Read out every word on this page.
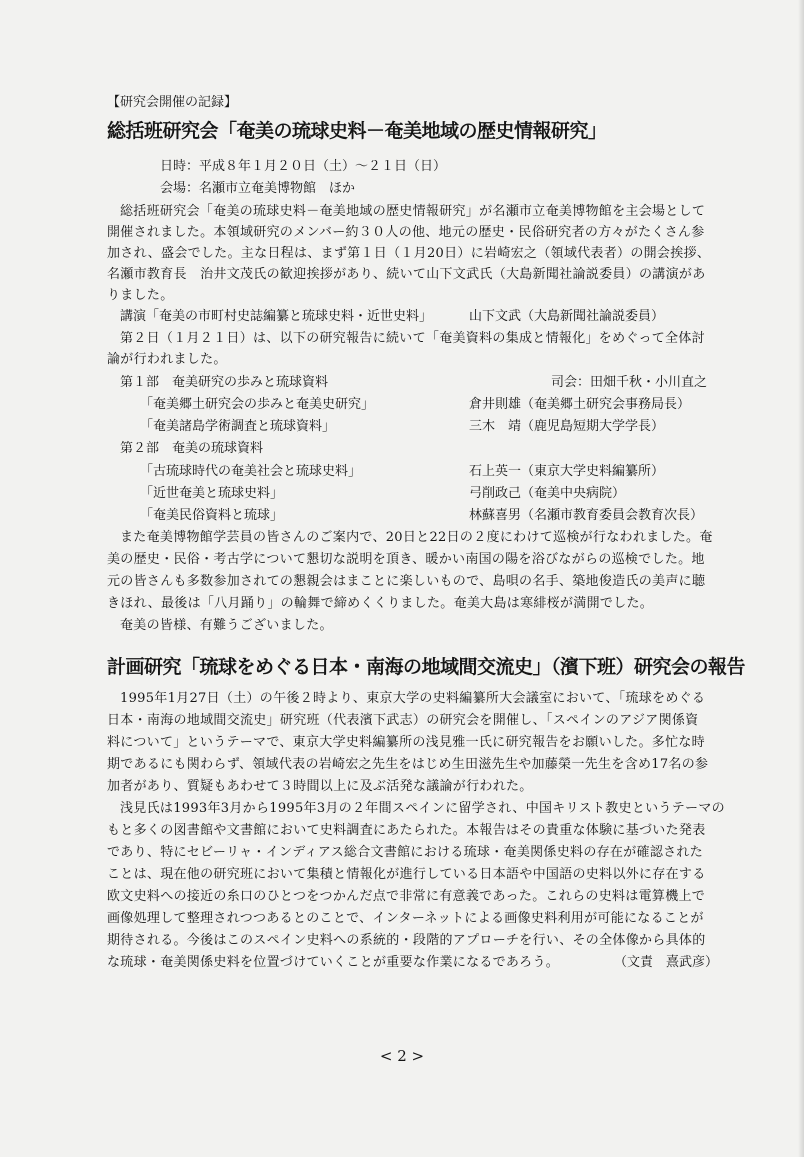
【研究会開催の記録】
総括班研究会「奄美の琉球史料－奄美地域の歴史情報研究」
日時：平成８年１月２０日（土）～２１日（日）
会場：名瀬市立奄美博物館　ほか
総括班研究会「奄美の琉球史料－奄美地域の歴史情報研究」が名瀬市立奄美博物館を主会場として
開催されました。本領域研究のメンバー約３０人の他、地元の歴史・民俗研究者の方々がたくさん参
加され、盛会でした。主な日程は、まず第１日（１月20日）に岩崎宏之（領域代表者）の開会挨拶、
名瀬市教育長　治井文茂氏の歓迎挨拶があり、続いて山下文武氏（大島新聞社論説委員）の講演があ
りました。
講演「奄美の市町村史誌編纂と琉球史料・近世史料」	山下文武（大島新聞社論説委員）
第２日（１月２１日）は、以下の研究報告に続いて「奄美資料の集成と情報化」をめぐって全体討
論が行われました。
第１部　奄美研究の歩みと琉球資料	司会：田畑千秋・小川直之
「奄美郷土研究会の歩みと奄美史研究」	倉井則雄（奄美郷土研究会事務局長）
「奄美諸島学術調査と琉球資料」	三木　靖（鹿児島短期大学学長）
第２部　奄美の琉球資料
「古琉球時代の奄美社会と琉球史料」	石上英一（東京大学史料編纂所）
「近世奄美と琉球史料」	弓削政己（奄美中央病院）
「奄美民俗資料と琉球」	林蘇喜男（名瀬市教育委員会教育次長）
また奄美博物館学芸員の皆さんのご案内で、20日と22日の２度にわけて巡検が行なわれました。奄
美の歴史・民俗・考古学について懇切な説明を頂き、暖かい南国の陽を浴びながらの巡検でした。地
元の皆さんも多数参加されての懇親会はまことに楽しいもので、島唄の名手、築地俊造氏の美声に聴
きほれ、最後は「八月踊り」の輪舞で締めくくりました。奄美大島は寒緋桜が満開でした。
奄美の皆様、有難うございました。
計画研究「琉球をめぐる日本・南海の地域間交流史」（濱下班）研究会の報告
1995年1月27日（土）の午後２時より、東京大学の史料編纂所大会議室において、「琉球をめぐる
日本・南海の地域間交流史」研究班（代表濱下武志）の研究会を開催し、「スペインのアジア関係資
料について」というテーマで、東京大学史料編纂所の浅見雅一氏に研究報告をお願いした。多忙な時
期であるにも関わらず、領域代表の岩崎宏之先生をはじめ生田滋先生や加藤榮一先生を含め17名の参
加者があり、質疑もあわせて３時間以上に及ぶ活発な議論が行われた。
浅見氏は1993年3月から1995年3月の２年間スペインに留学され、中国キリスト教史というテーマの
もと多くの図書館や文書館において史料調査にあたられた。本報告はその貴重な体験に基づいた発表
であり、特にセビーリャ・インディアス総合文書館における琉球・奄美関係史料の存在が確認された
ことは、現在他の研究班において集積と情報化が進行している日本語や中国語の史料以外に存在する
欧文史料への接近の糸口のひとつをつかんだ点で非常に有意義であった。これらの史料は電算機上で
画像処理して整理されつつあるとのことで、インターネットによる画像史料利用が可能になることが
期待される。今後はこのスペイン史料への系統的・段階的アプローチを行い、その全体像から具体的
な琉球・奄美関係史料を位置づけていくことが重要な作業になるであろう。	（文責　熹武彦）
< 2 >
